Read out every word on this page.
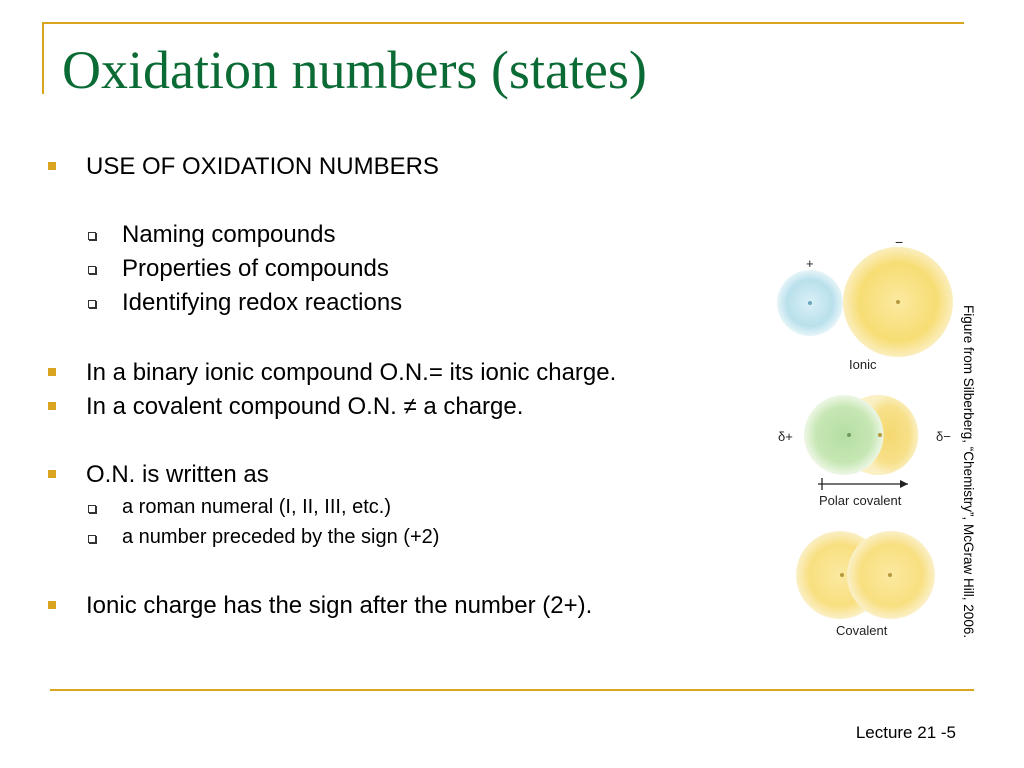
Oxidation numbers (states)
USE OF OXIDATION NUMBERS
Naming compounds
Properties of compounds
Identifying redox reactions
In a binary ionic compound O.N.= its ionic charge.
In a covalent compound O.N. ≠ a charge.
O.N. is written as
a roman numeral (I, II, III, etc.)
a number preceded by the sign (+2)
Ionic charge has the sign after the number (2+).
+
−
Ionic
δ+	δ−
Polar covalent
Covalent	Figure from Silberberg, “Chemistry”, McGraw Hill, 2006.
Lecture 21 -5
